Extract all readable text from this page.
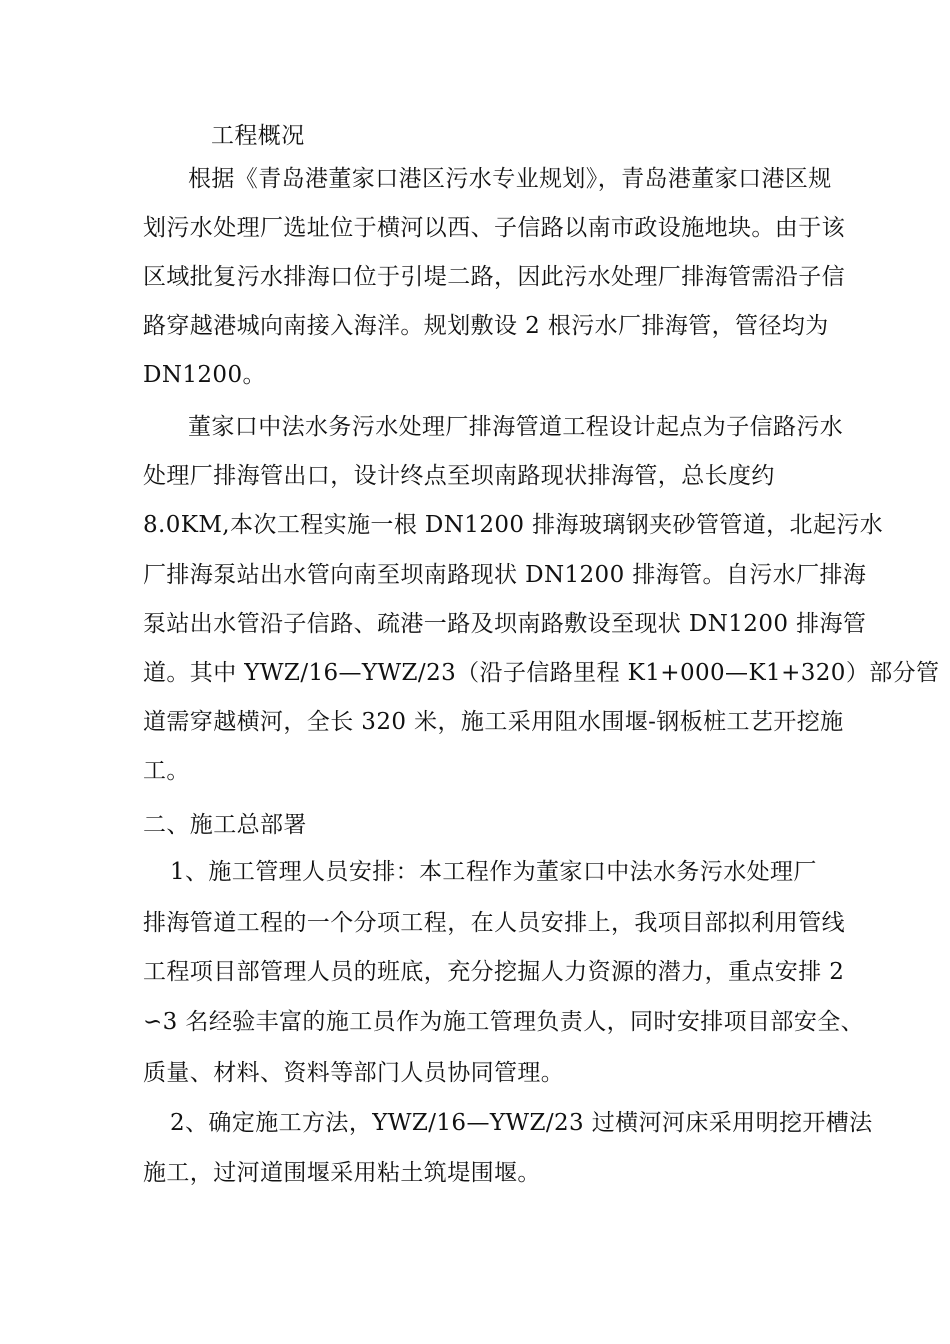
工程概况
根据《青岛港董家口港区污水专业规划》，青岛港董家口港区规
划污水处理厂选址位于横河以西、子信路以南市政设施地块。由于该
区域批复污水排海口位于引堤二路，因此污水处理厂排海管需沿子信
路穿越港城向南接入海洋。规划敷设 2 根污水厂排海管，管径均为
DN1200。
董家口中法水务污水处理厂排海管道工程设计起点为子信路污水
处理厂排海管出口，设计终点至坝南路现状排海管，总长度约
8.0KM,本次工程实施一根 DN1200 排海玻璃钢夹砂管管道，北起污水
厂排海泵站出水管向南至坝南路现状 DN1200 排海管。自污水厂排海
泵站出水管沿子信路、疏港一路及坝南路敷设至现状 DN1200 排海管
道。其中 YWZ/16—YWZ/23（沿子信路里程 K1+000—K1+320）部分管
道需穿越横河，全长 320 米，施工采用阻水围堰-钢板桩工艺开挖施
工。
二、施工总部署
1、施工管理人员安排：本工程作为董家口中法水务污水处理厂
排海管道工程的一个分项工程，在人员安排上，我项目部拟利用管线
工程项目部管理人员的班底，充分挖掘人力资源的潜力，重点安排 2
∽3 名经验丰富的施工员作为施工管理负责人，同时安排项目部安全、
质量、材料、资料等部门人员协同管理。
2、确定施工方法，YWZ/16—YWZ/23 过横河河床采用明挖开槽法
施工，过河道围堰采用粘土筑堤围堰。
